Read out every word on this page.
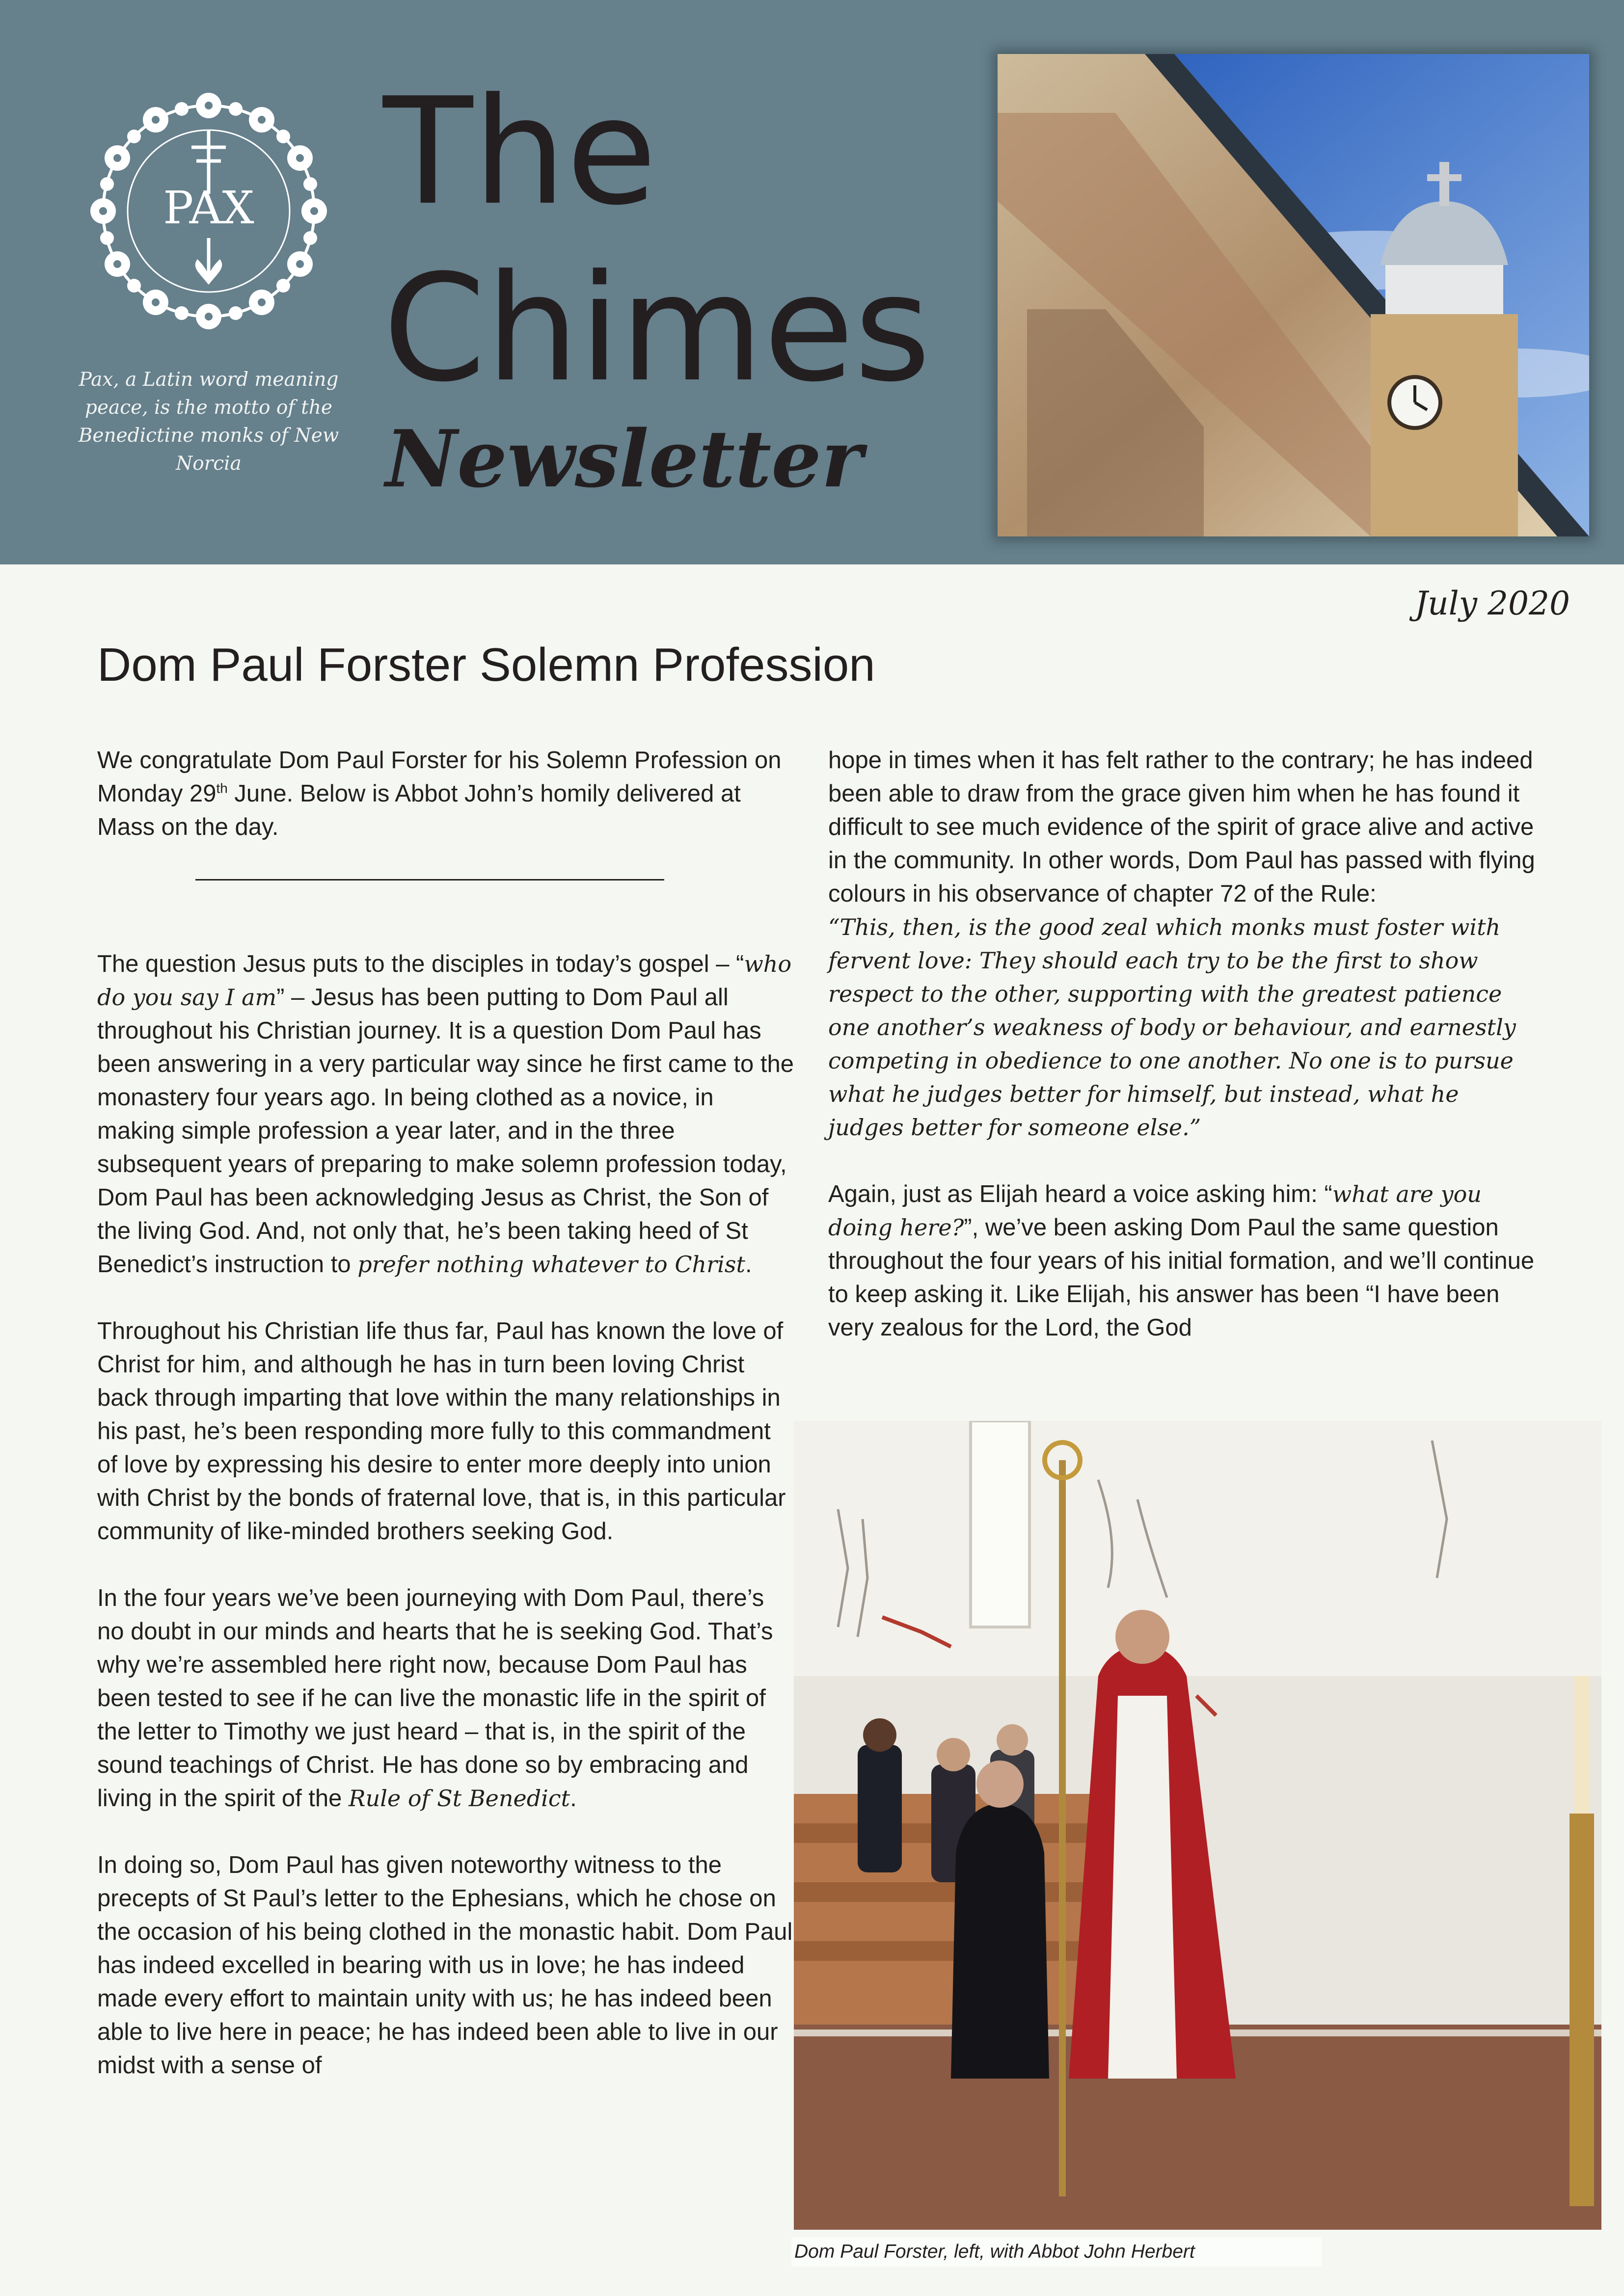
PAX
Pax, a Latin word meaning peace, is the motto of the Benedictine monks of New Norcia
The
Chimes
Newsletter
July 2020
Dom Paul Forster Solemn Profession

We congratulate Dom Paul Forster for his Solemn Profession on Monday 29th June. Below is Abbot John’s homily delivered at Mass on the day.

The question Jesus puts to the disciples in today’s gospel – “who do you say I am” – Jesus has been putting to Dom Paul all throughout his Christian journey. It is a question Dom Paul has been answering in a very particular way since he first came to the monastery four years ago. In being clothed as a novice, in making simple profession a year later, and in the three subsequent years of preparing to make solemn profession today, Dom Paul has been acknowledging Jesus as Christ, the Son of the living God. And, not only that, he’s been taking heed of St Benedict’s instruction to prefer nothing whatever to Christ.

Throughout his Christian life thus far, Paul has known the love of Christ for him, and although he has in turn been loving Christ back through imparting that love within the many relationships in his past, he’s been responding more fully to this commandment of love by expressing his desire to enter more deeply into union with Christ by the bonds of fraternal love, that is, in this particular community of like-minded brothers seeking God.

In the four years we’ve been journeying with Dom Paul, there’s no doubt in our minds and hearts that he is seeking God. That’s why we’re assembled here right now, because Dom Paul has been tested to see if he can live the monastic life in the spirit of the letter to Timothy we just heard – that is, in the spirit of the sound teachings of Christ. He has done so by embracing and living in the spirit of the Rule of St Benedict.

In doing so, Dom Paul has given noteworthy witness to the precepts of St Paul’s letter to the Ephesians, which he chose on the occasion of his being clothed in the monastic habit. Dom Paul has indeed excelled in bearing with us in love; he has indeed made every effort to maintain unity with us; he has indeed been able to live here in peace; he has indeed been able to live in our midst with a sense of

hope in times when it has felt rather to the contrary; he has indeed been able to draw from the grace given him when he has found it difficult to see much evidence of the spirit of grace alive and active in the community. In other words, Dom Paul has passed with flying colours in his observance of chapter 72 of the Rule:

“This, then, is the good zeal which monks must foster with fervent love: They should each try to be the first to show respect to the other, supporting with the greatest patience one another’s weakness of body or behaviour, and earnestly competing in obedience to one another. No one is to pursue what he judges better for himself, but instead, what he judges better for someone else.”

Again, just as Elijah heard a voice asking him: “what are you doing here?”, we’ve been asking Dom Paul the same question throughout the four years of his initial formation, and we’ll continue to keep asking it. Like Elijah, his answer has been “I have been very zealous for the Lord, the God

Dom Paul Forster, left, with Abbot John Herbert
